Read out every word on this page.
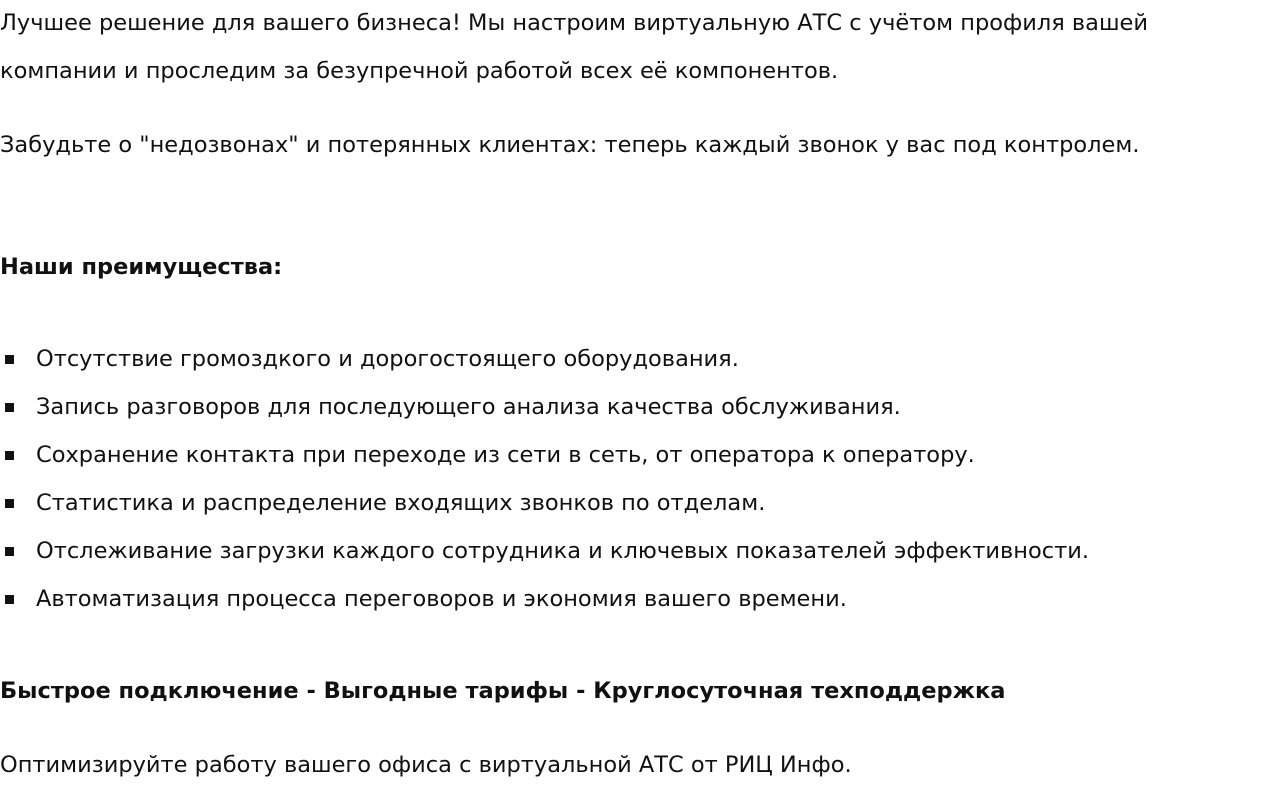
Лучшее решение для вашего бизнеса! Мы настроим виртуальную АТС с учётом профиля вашей компании и проследим за безупречной работой всех её компонентов.

Забудьте о "недозвонах" и потерянных клиентах: теперь каждый звонок у вас под контролем.

Наши преимущества:

Отсутствие громоздкого и дорогостоящего оборудования.
Запись разговоров для последующего анализа качества обслуживания.
Сохранение контакта при переходе из сети в сеть, от оператора к оператору.
Статистика и распределение входящих звонков по отделам.
Отслеживание загрузки каждого сотрудника и ключевых показателей эффективности.
Автоматизация процесса переговоров и экономия вашего времени.

Быстрое подключение - Выгодные тарифы - Круглосуточная техподдержка

Оптимизируйте работу вашего офиса с виртуальной АТС от РИЦ Инфо.
